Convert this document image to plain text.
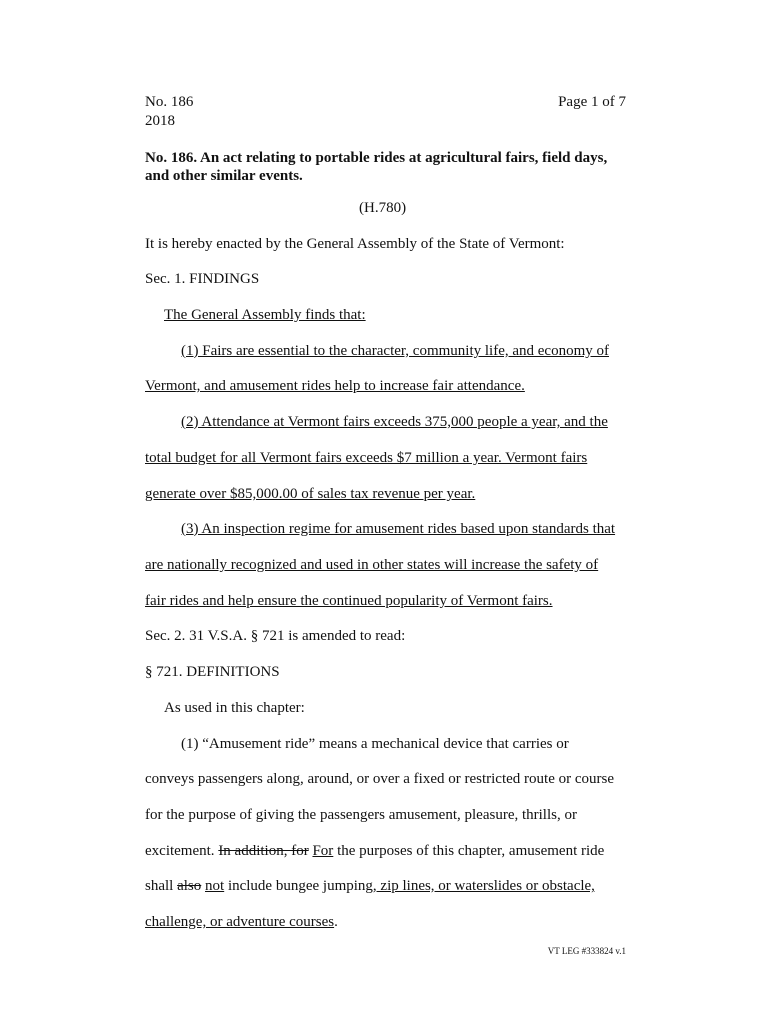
No. 186
2018
Page 1 of 7
No. 186. An act relating to portable rides at agricultural fairs, field days,
and other similar events.
(H.780)
It is hereby enacted by the General Assembly of the State of Vermont:
Sec. 1. FINDINGS
The General Assembly finds that:
(1) Fairs are essential to the character, community life, and economy of
Vermont, and amusement rides help to increase fair attendance.
(2) Attendance at Vermont fairs exceeds 375,000 people a year, and the
total budget for all Vermont fairs exceeds $7 million a year. Vermont fairs
generate over $85,000.00 of sales tax revenue per year.
(3) An inspection regime for amusement rides based upon standards that
are nationally recognized and used in other states will increase the safety of
fair rides and help ensure the continued popularity of Vermont fairs.
Sec. 2. 31 V.S.A. § 721 is amended to read:
§ 721. DEFINITIONS
As used in this chapter:
(1) “Amusement ride” means a mechanical device that carries or
conveys passengers along, around, or over a fixed or restricted route or course
for the purpose of giving the passengers amusement, pleasure, thrills, or
excitement. In addition, for For the purposes of this chapter, amusement ride
shall also not include bungee jumping, zip lines, or waterslides or obstacle,
challenge, or adventure courses.
VT LEG #333824 v.1
